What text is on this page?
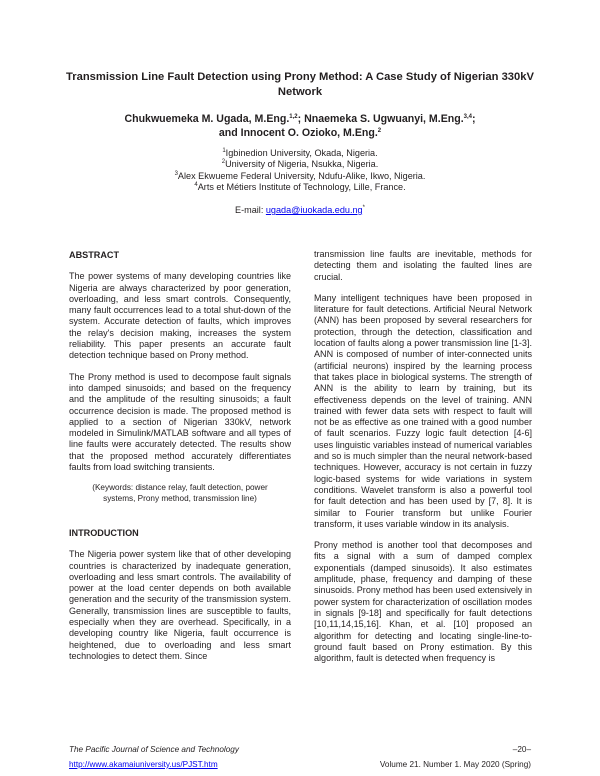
Transmission Line Fault Detection using Prony Method: A Case Study of Nigerian 330kV Network
Chukwuemeka M. Ugada, M.Eng.$^{1,2}$; Nnaemeka S. Ugwuanyi, M.Eng.$^{3,4}$;
and Innocent O. Ozioko, M.Eng.$^2$
$^1$Igbinedion University, Okada, Nigeria.
$^2$University of Nigeria, Nsukka, Nigeria.
$^3$Alex Ekwueme Federal University, Ndufu-Alike, Ikwo, Nigeria.
$^4$Arts et Métiers Institute of Technology, Lille, France.
E-mail: ugada@iuokada.edu.ng*
ABSTRACT

The power systems of many developing countries like Nigeria are always characterized by poor generation, overloading, and less smart controls. Consequently, many fault occurrences lead to a total shut-down of the system. Accurate detection of faults, which improves the relay's decision making, increases the system reliability. This paper presents an accurate fault detection technique based on Prony method.

The Prony method is used to decompose fault signals into damped sinusoids; and based on the frequency and the amplitude of the resulting sinusoids; a fault occurrence decision is made. The proposed method is applied to a section of Nigerian 330kV, network modeled in Simulink/MATLAB software and all types of line faults were accurately detected. The results show that the proposed method accurately differentiates faults from load switching transients.

(Keywords: distance relay, fault detection, power systems, Prony method, transmission line)
INTRODUCTION

The Nigeria power system like that of other developing countries is characterized by inadequate generation, overloading and less smart controls. The availability of power at the load center depends on both available generation and the security of the transmission system. Generally, transmission lines are susceptible to faults, especially when they are overhead. Specifically, in a developing country like Nigeria, fault occurrence is heightened, due to overloading and less smart technologies to detect them. Since

transmission line faults are inevitable, methods for detecting them and isolating the faulted lines are crucial.

Many intelligent techniques have been proposed in literature for fault detections. Artificial Neural Network (ANN) has been proposed by several researchers for protection, through the detection, classification and location of faults along a power transmission line [1-3]. ANN is composed of number of inter-connected units (artificial neurons) inspired by the learning process that takes place in biological systems. The strength of ANN is the ability to learn by training, but its effectiveness depends on the level of training. ANN trained with fewer data sets with respect to fault will not be as effective as one trained with a good number of fault scenarios. Fuzzy logic fault detection [4-6] uses linguistic variables instead of numerical variables and so is much simpler than the neural network-based techniques. However, accuracy is not certain in fuzzy logic-based systems for wide variations in system conditions. Wavelet transform is also a powerful tool for fault detection and has been used by [7, 8]. It is similar to Fourier transform but unlike Fourier transform, it uses variable window in its analysis.

Prony method is another tool that decomposes and fits a signal with a sum of damped complex exponentials (damped sinusoids). It also estimates amplitude, phase, frequency and damping of these sinusoids. Prony method has been used extensively in power system for characterization of oscillation modes in signals [9-18] and specifically for fault detections [10,11,14,15,16]. Khan, et al. [10] proposed an algorithm for detecting and locating single-line-to-ground fault based on Prony estimation. By this algorithm, fault is detected when frequency is

The Pacific Journal of Science and Technology
http://www.akamaiuniversity.us/PJST.htm
–20–
Volume 21. Number 1. May 2020 (Spring)
